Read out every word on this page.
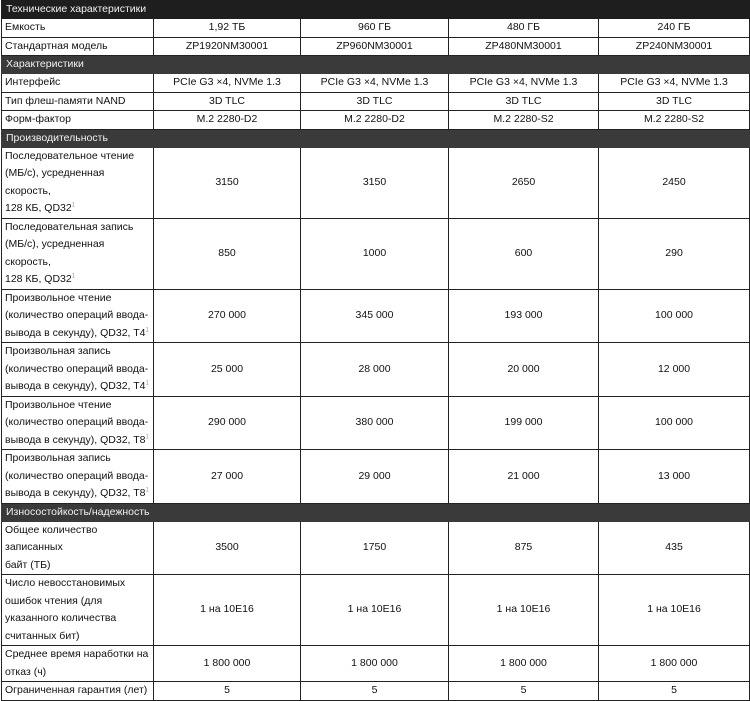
Технические характеристики				
Емкость	1,92 ТБ	960 ГБ	480 ГБ	240 ГБ
Стандартная модель	ZP1920NM30001	ZP960NM30001	ZP480NM30001	ZP240NM30001
Характеристики				
Интерфейс	PCIe G3 ×4, NVMe 1.3	PCIe G3 ×4, NVMe 1.3	PCIe G3 ×4, NVMe 1.3	PCIe G3 ×4, NVMe 1.3
Тип флеш-памяти NAND	3D TLC	3D TLC	3D TLC	3D TLC
Форм-фактор	M.2 2280-D2	M.2 2280-D2	M.2 2280-S2	M.2 2280-S2
Производительность				
Последовательное чтение
(МБ/с), усредненная скорость,
128 КБ, QD32$^1$	3150	3150	2650	2450
Последовательная запись
(МБ/с), усредненная скорость,
128 КБ, QD32$^1$	850	1000	600	290
Произвольное чтение
(количество операций ввода-
вывода в секунду), QD32, T4$^1$	270 000	345 000	193 000	100 000
Произвольная запись
(количество операций ввода-
вывода в секунду), QD32, T4$^1$	25 000	28 000	20 000	12 000
Произвольное чтение
(количество операций ввода-
вывода в секунду), QD32, T8$^1$	290 000	380 000	199 000	100 000
Произвольная запись
(количество операций ввода-
вывода в секунду), QD32, T8$^1$	27 000	29 000	21 000	13 000
Износостойкость/надежность				
Общее количество записанных
байт (ТБ)	3500	1750	875	435
Число невосстановимых
ошибок чтения (для
указанного количества
считанных бит)	1 на 10E16	1 на 10E16	1 на 10E16	1 на 10E16
Среднее время наработки на
отказ (ч)	1 800 000	1 800 000	1 800 000	1 800 000
Ограниченная гарантия (лет)	5	5	5	5
